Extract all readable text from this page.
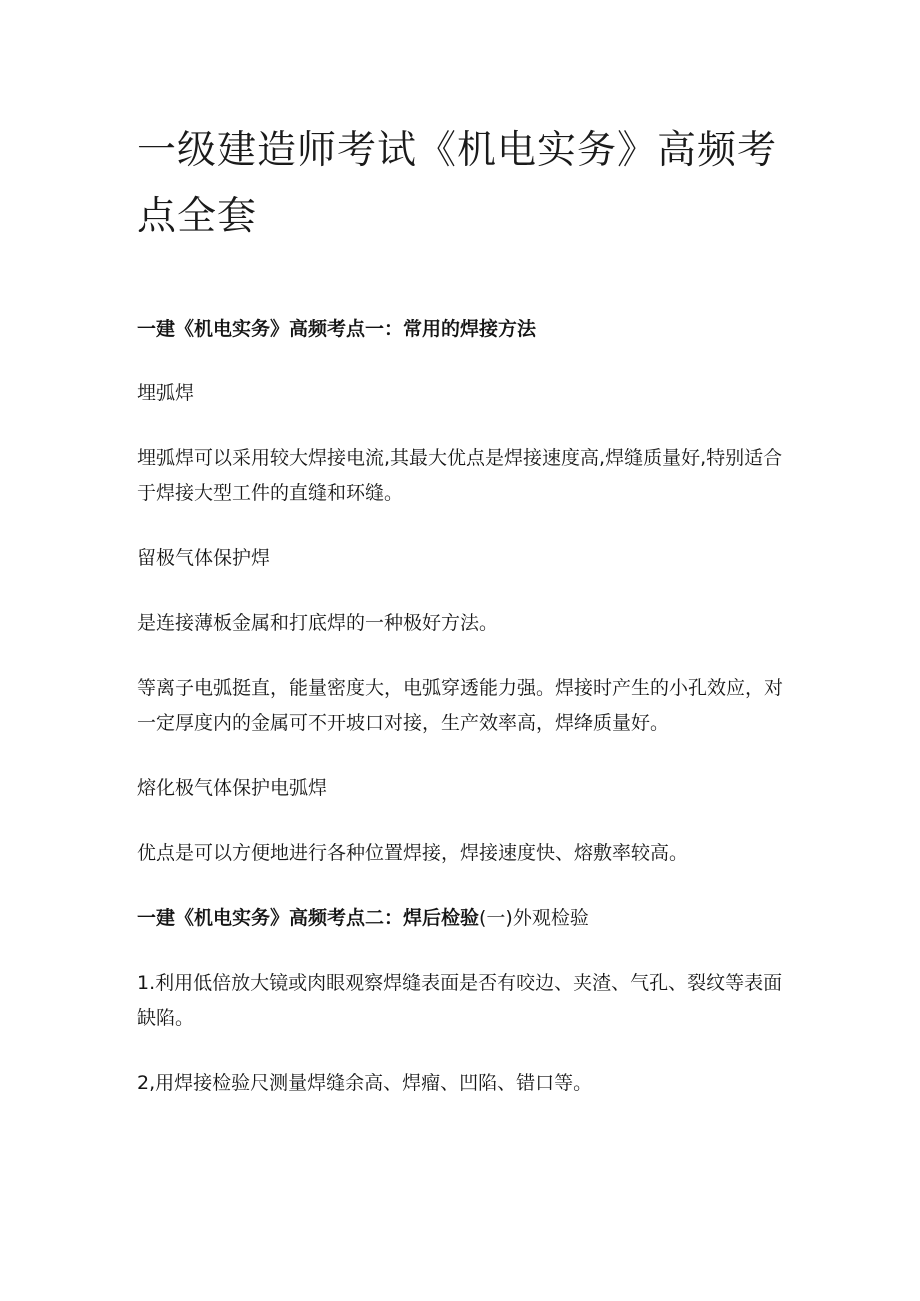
一级建造师考试《机电实务》高频考点全套

一建《机电实务》高频考点一：常用的焊接方法

埋弧焊

埋弧焊可以采用较大焊接电流,其最大优点是焊接速度高,焊缝质量好,特别适合于焊接大型工件的直缝和环缝。

留极气体保护焊

是连接薄板金属和打底焊的一种极好方法。

等离子电弧挺直，能量密度大，电弧穿透能力强。焊接时产生的小孔效应，对一定厚度内的金属可不开坡口对接，生产效率高，焊绛质量好。

熔化极气体保护电弧焊

优点是可以方便地进行各种位置焊接，焊接速度快、熔敷率较高。

一建《机电实务》高频考点二：焊后检验(一)外观检验

1.利用低倍放大镜或肉眼观察焊缝表面是否有咬边、夹渣、气孔、裂纹等表面缺陷。

2,用焊接检验尺测量焊缝余高、焊瘤、凹陷、错口等。
